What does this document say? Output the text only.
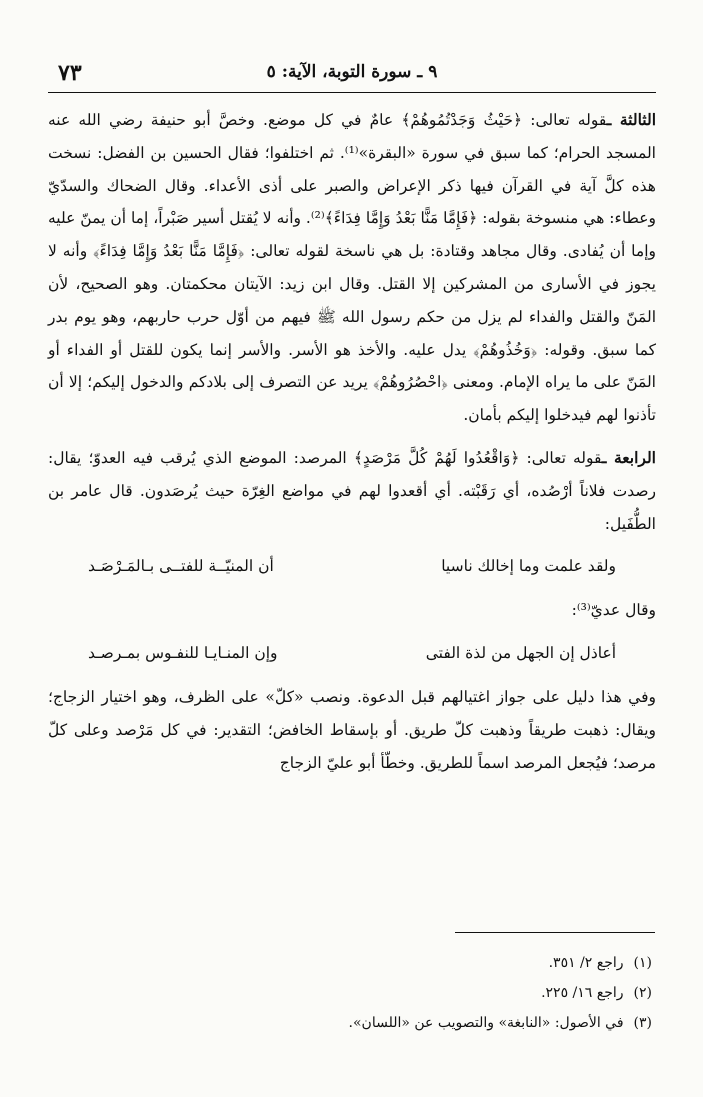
٩ ـ سورة التوبة، الآية: ٥
٧٣

الثالثة ـقوله تعالى: ﴿حَيْثُ وَجَدْتُمُوهُمْ﴾ عامٌ في كل موضع. وخصَّ أبو حنيفة رضي الله عنه المسجد الحرام؛ كما سبق في سورة «البقرة»⁽¹⁾. ثم اختلفوا؛ فقال الحسين بن الفضل: نسخت هذه كلَّ آية في القرآن فيها ذكر الإعراض والصبر على أذى الأعداء. وقال الضحاك والسدّيّ وعطاء: هي منسوخة بقوله: ﴿فَإِمَّا مَنًّا بَعْدُ وَإِمَّا فِدَاءً﴾⁽²⁾. وأنه لا يُقتل أسير صَبْراً، إما أن يمنّ عليه وإما أن يُفادى. وقال مجاهد وقتادة: بل هي ناسخة لقوله تعالى: ﴿فَإِمَّا مَنًّا بَعْدُ وَإِمَّا فِدَاءً﴾ وأنه لا يجوز في الأسارى من المشركين إلا القتل. وقال ابن زيد: الآيتان محكمتان. وهو الصحيح، لأن المَنّ والقتل والفداء لم يزل من حكم رسول الله ﷺ فيهم من أوّل حرب حاربهم، وهو يوم بدر كما سبق. وقوله: ﴿وَخُذُوهُمْ﴾ يدل عليه. والأخذ هو الأسر. والأسر إنما يكون للقتل أو الفداء أو المَنّ على ما يراه الإمام. ومعنى ﴿احْصُرُوهُمْ﴾ يريد عن التصرف إلى بلادكم والدخول إليكم؛ إلا أن تأذنوا لهم فيدخلوا إليكم بأمان.

الرابعة ـقوله تعالى: ﴿وَاقْعُدُوا لَهُمْ كُلَّ مَرْصَدٍ﴾ المرصد: الموضع الذي يُرقب فيه العدوّ؛ يقال: رصدت فلاناً أرْصُده، أي رَقَبْته. أي أقعدوا لهم في مواضع الغِرّة حيث يُرصَدون. قال عامر بن الطُّفَيل:

ولقد علمت وما إخالك ناسيا
أن المنيّــة للفتــى بـالمَـرْصَـد

وقال عديّ⁽³⁾:

أعاذل إن الجهل من لذة الفتى
وإن المنـايـا للنفـوس بمـرصـد

وفي هذا دليل على جواز اغتيالهم قبل الدعوة. ونصب «كلّ» على الظرف، وهو اختيار الزجاج؛ ويقال: ذهبت طريقاً وذهبت كلّ طريق. أو بإسقاط الخافض؛ التقدير: في كل مَرْصد وعلى كلّ مرصد؛ فيُجعل المرصد اسماً للطريق. وخطّأ أبو عليّ الزجاج

(١)
راجع ٢/ ٣٥١.
(٢)
راجع ١٦/ ٢٢٥.
(٣)
في الأصول: «النابغة» والتصويب عن «اللسان».
